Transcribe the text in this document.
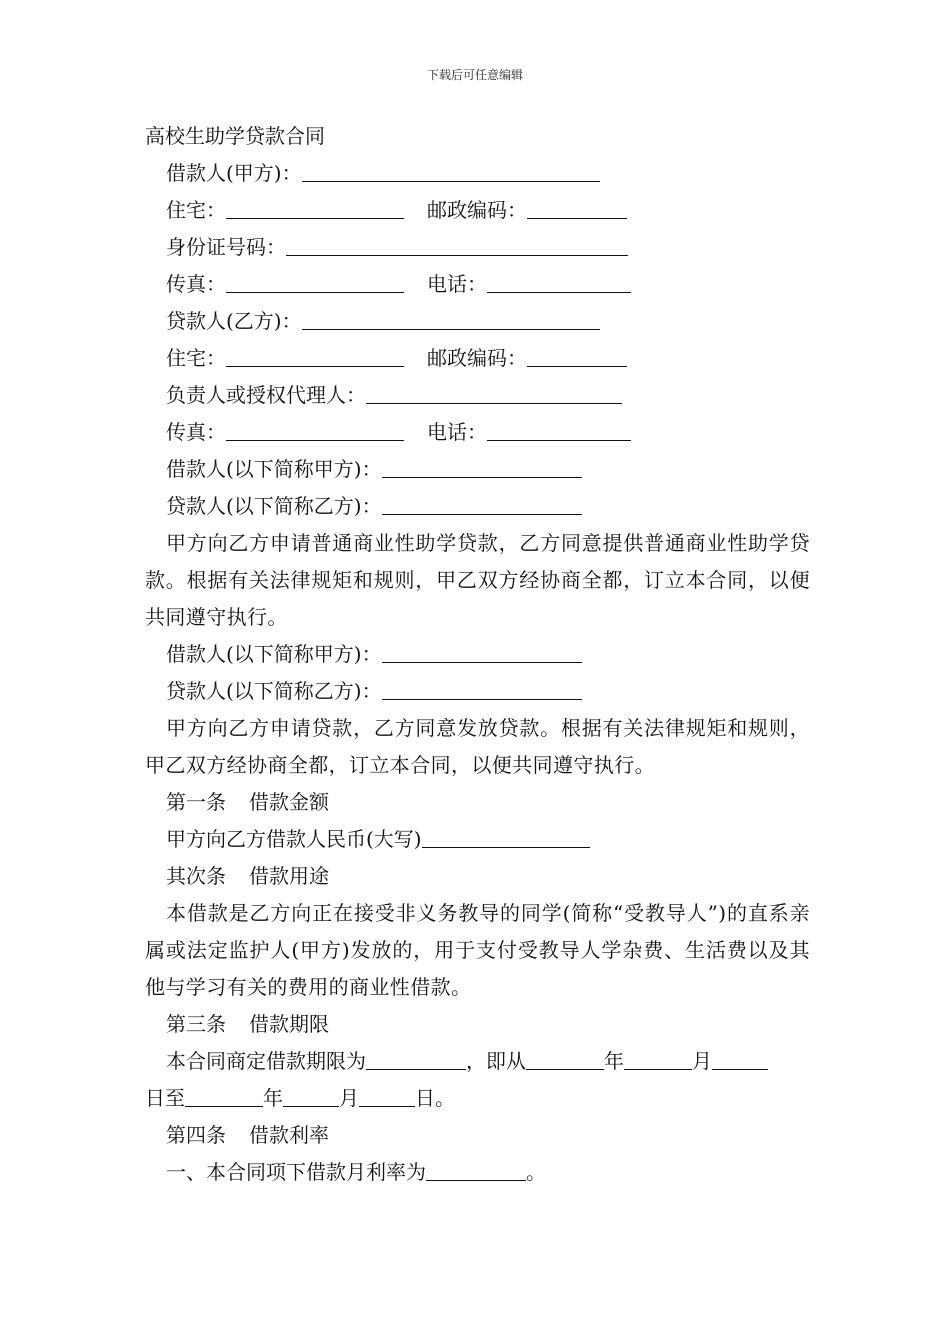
下载后可任意编辑
高校生助学贷款合同
借款人(甲方)：
住宅：	邮政编码：
身份证号码：
传真：	电话：
贷款人(乙方)：
住宅：	邮政编码：
负责人或授权代理人：
传真：	电话：
借款人(以下简称甲方)：
贷款人(以下简称乙方)：
甲方向乙方申请普通商业性助学贷款，乙方同意提供普通商业性助学贷款。根据有关法律规矩和规则，甲乙双方经协商全都，订立本合同，以便共同遵守执行。
借款人(以下简称甲方)：
贷款人(以下简称乙方)：
甲方向乙方申请贷款，乙方同意发放贷款。根据有关法律规矩和规则，甲乙双方经协商全都，订立本合同，以便共同遵守执行。
第一条 借款金额
甲方向乙方借款人民币(大写)
其次条 借款用途
本借款是乙方向正在接受非义务教导的同学(简称“受教导人”)的直系亲属或法定监护人(甲方)发放的，用于支付受教导人学杂费、生活费以及其他与学习有关的费用的商业性借款。
第三条 借款期限
本合同商定借款期限为	，即从	年	月
日至	年	月	日。
第四条 借款利率
一、本合同项下借款月利率为	。
